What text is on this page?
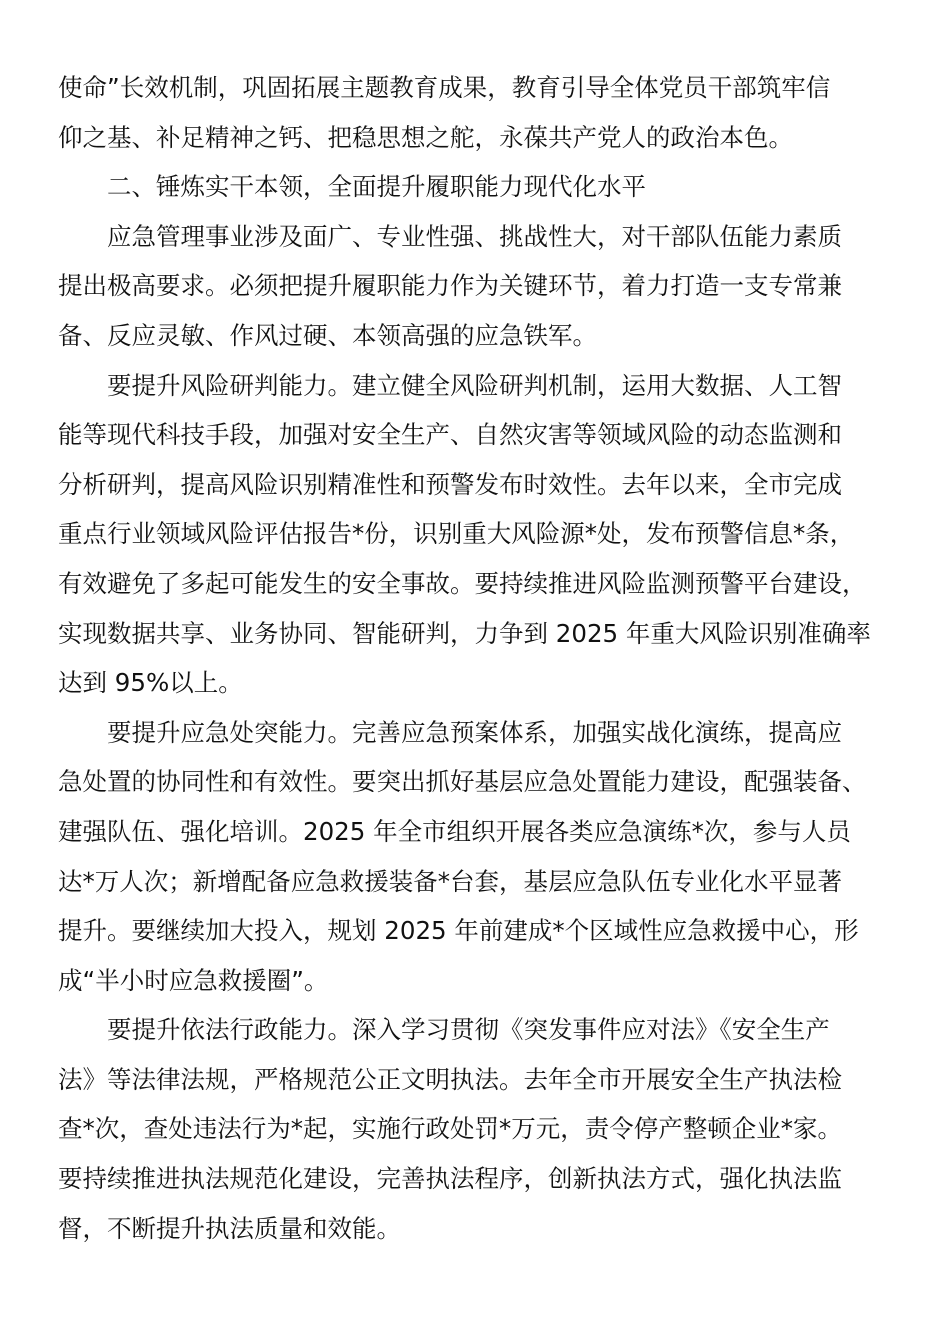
使命”长效机制，巩固拓展主题教育成果，教育引导全体党员干部筑牢信
仰之基、补足精神之钙、把稳思想之舵，永葆共产党人的政治本色。
二、锤炼实干本领，全面提升履职能力现代化水平
应急管理事业涉及面广、专业性强、挑战性大，对干部队伍能力素质
提出极高要求。必须把提升履职能力作为关键环节，着力打造一支专常兼
备、反应灵敏、作风过硬、本领高强的应急铁军。
要提升风险研判能力。建立健全风险研判机制，运用大数据、人工智
能等现代科技手段，加强对安全生产、自然灾害等领域风险的动态监测和
分析研判，提高风险识别精准性和预警发布时效性。去年以来，全市完成
重点行业领域风险评估报告*份，识别重大风险源*处，发布预警信息*条，
有效避免了多起可能发生的安全事故。要持续推进风险监测预警平台建设，
实现数据共享、业务协同、智能研判，力争到 2025 年重大风险识别准确率
达到 95%以上。
要提升应急处突能力。完善应急预案体系，加强实战化演练，提高应
急处置的协同性和有效性。要突出抓好基层应急处置能力建设，配强装备、
建强队伍、强化培训。2025 年全市组织开展各类应急演练*次，参与人员
达*万人次；新增配备应急救援装备*台套，基层应急队伍专业化水平显著
提升。要继续加大投入，规划 2025 年前建成*个区域性应急救援中心，形
成“半小时应急救援圈”。
要提升依法行政能力。深入学习贯彻《突发事件应对法》《安全生产
法》等法律法规，严格规范公正文明执法。去年全市开展安全生产执法检
查*次，查处违法行为*起，实施行政处罚*万元，责令停产整顿企业*家。
要持续推进执法规范化建设，完善执法程序，创新执法方式，强化执法监
督，不断提升执法质量和效能。
